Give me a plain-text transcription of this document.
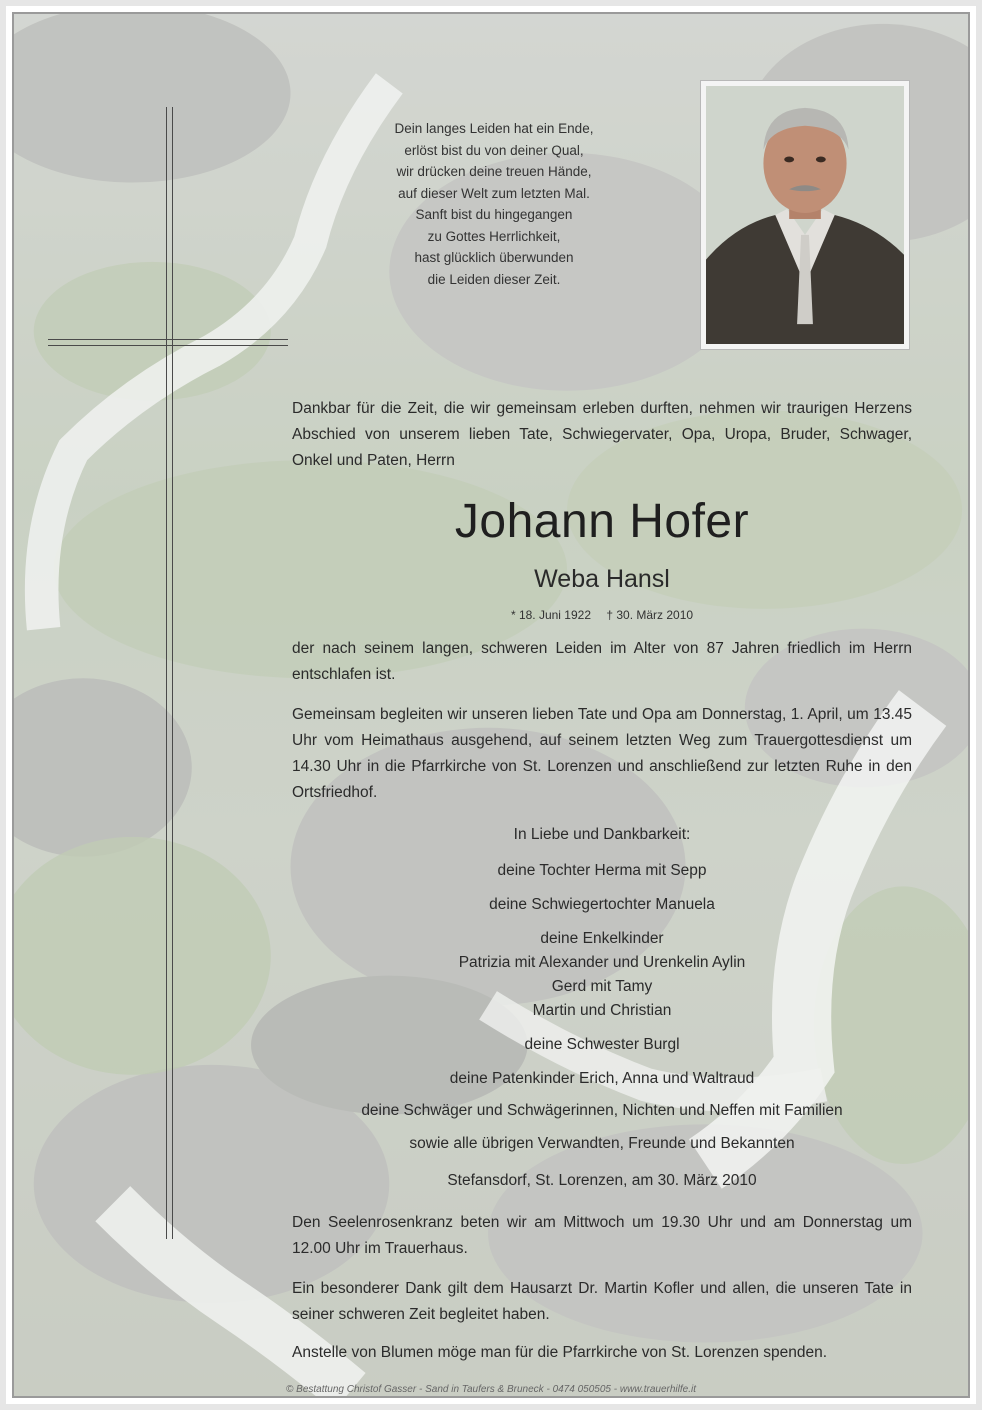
Dein langes Leiden hat ein Ende,
erlöst bist du von deiner Qual,
wir drücken deine treuen Hände,
auf dieser Welt zum letzten Mal.
Sanft bist du hingegangen
zu Gottes Herrlichkeit,
hast glücklich überwunden
die Leiden dieser Zeit.
Dankbar für die Zeit, die wir gemeinsam erleben durften, nehmen wir traurigen Herzens Abschied von unserem lieben Tate, Schwiegervater, Opa, Uropa, Bruder, Schwager, Onkel und Paten, Herrn
Johann Hofer
Weba Hansl
* 18. Juni 1922 † 30. März 2010
der nach seinem langen, schweren Leiden im Alter von 87 Jahren friedlich im Herrn entschlafen ist.
Gemeinsam begleiten wir unseren lieben Tate und Opa am Donnerstag, 1. April, um 13.45 Uhr vom Heimathaus ausgehend, auf seinem letzten Weg zum Trauergottesdienst um 14.30 Uhr in die Pfarrkirche von St. Lorenzen und anschließend zur letzten Ruhe in den Ortsfriedhof.
In Liebe und Dankbarkeit:
deine Tochter Herma mit Sepp
deine Schwiegertochter Manuela
deine Enkelkinder
Patrizia mit Alexander und Urenkelin Aylin
Gerd mit Tamy
Martin und Christian
deine Schwester Burgl
deine Patenkinder Erich, Anna und Waltraud
deine Schwäger und Schwägerinnen, Nichten und Neffen mit Familien
sowie alle übrigen Verwandten, Freunde und Bekannten
Stefansdorf, St. Lorenzen, am 30. März 2010
Den Seelenrosenkranz beten wir am Mittwoch um 19.30 Uhr und am Donnerstag um 12.00 Uhr im Trauerhaus.
Ein besonderer Dank gilt dem Hausarzt Dr. Martin Kofler und allen, die unseren Tate in seiner schweren Zeit begleitet haben.
Anstelle von Blumen möge man für die Pfarrkirche von St. Lorenzen spenden.
© Bestattung Christof Gasser - Sand in Taufers & Bruneck - 0474 050505 - www.trauerhilfe.it
